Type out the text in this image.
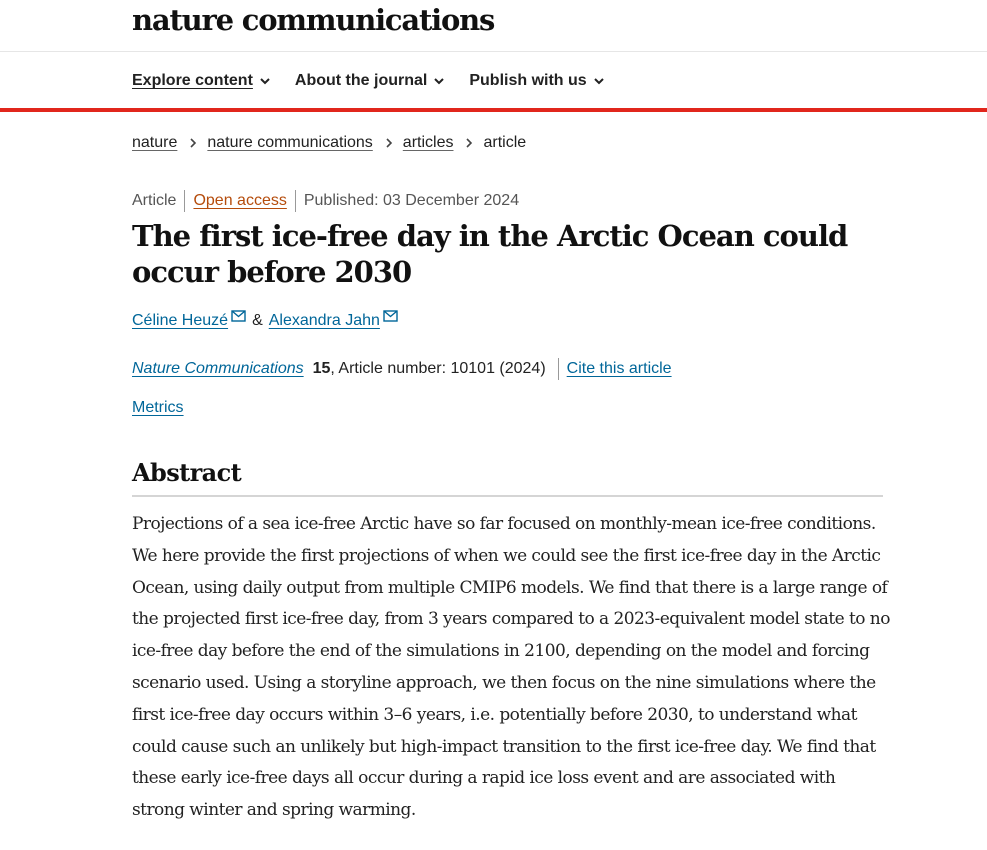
nature communications
Explore content	About the journal	Publish with us
nature nature communications articles article
Article Open access Published: 03 December 2024
The first ice-free day in the Arctic Ocean could occur before 2030
Céline Heuzé & Alexandra Jahn
Nature Communications 15 , Article number: 10101 (2024) Cite this article
Metrics
Abstract

Projections of a sea ice-free Arctic have so far focused on monthly-mean ice-free conditions. We here provide the first projections of when we could see the first ice-free day in the Arctic Ocean, using daily output from multiple CMIP6 models. We find that there is a large range of the projected first ice-free day, from 3 years compared to a 2023-equivalent model state to no ice-free day before the end of the simulations in 2100, depending on the model and forcing scenario used. Using a storyline approach, we then focus on the nine simulations where the first ice-free day occurs within 3–6 years, i.e. potentially before 2030, to understand what could cause such an unlikely but high-impact transition to the first ice-free day. We find that these early ice-free days all occur during a rapid ice loss event and are associated with strong winter and spring warming.
